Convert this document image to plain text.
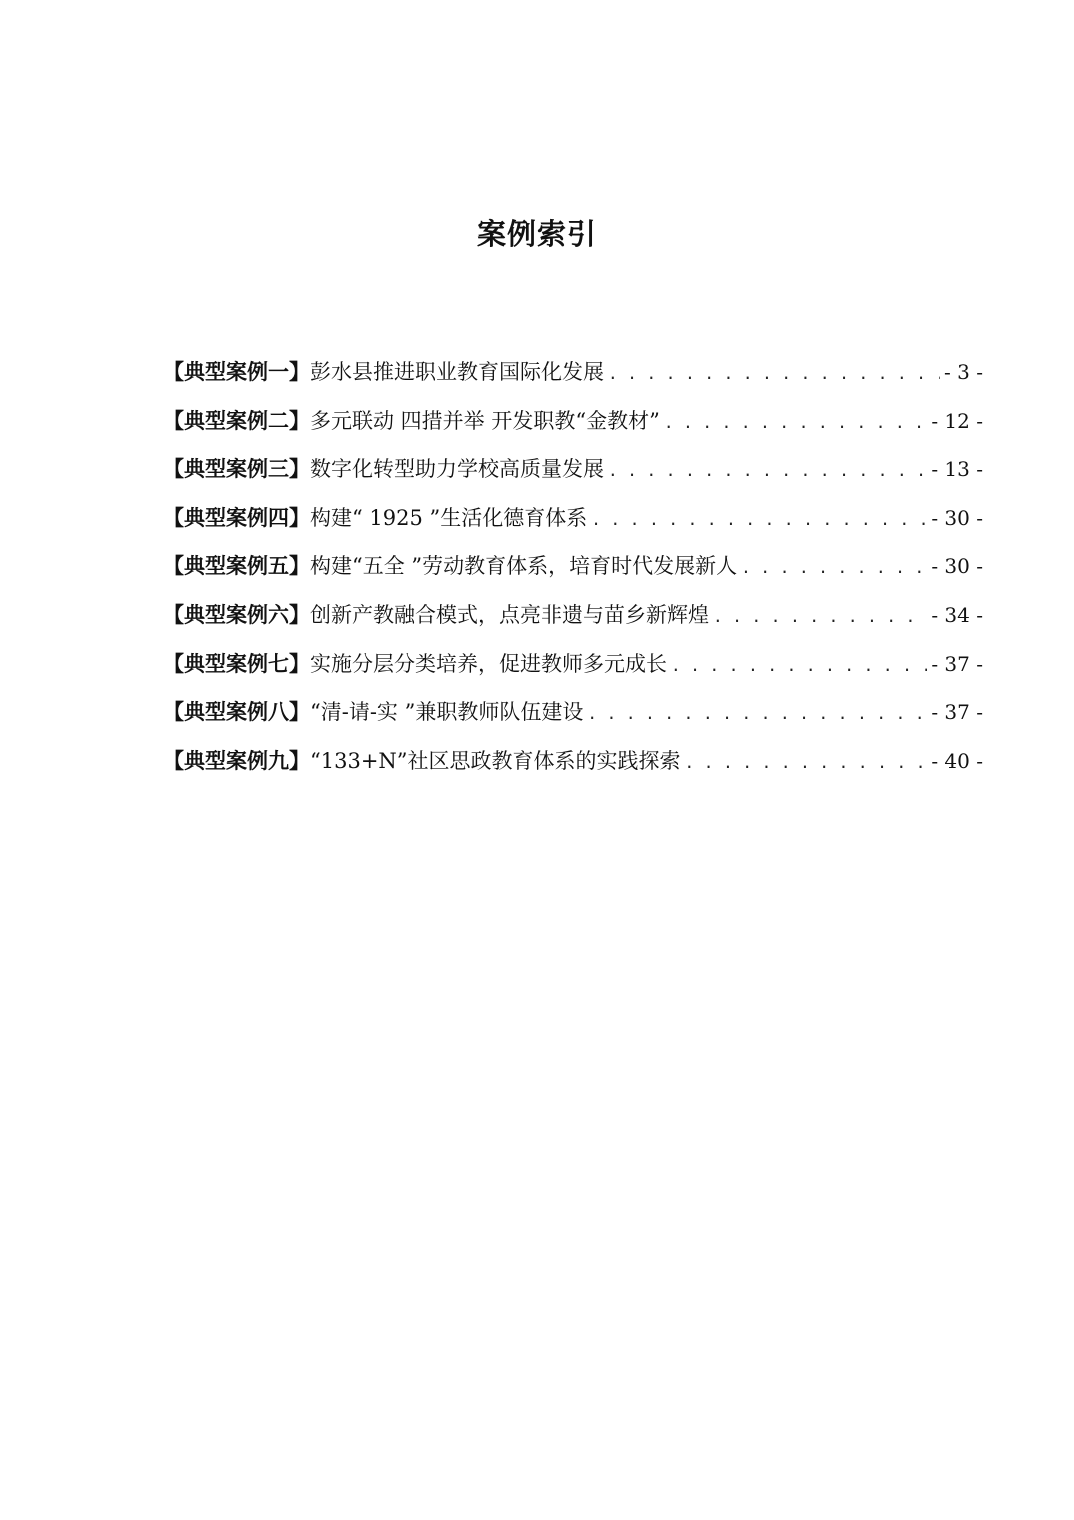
案例索引
【典型案例一】 彭水县推进职业教育国际化发展 . . .	- 3 -
【典型案例二】 多元联动 四措并举 开发职教“金教材” . . .	- 12 -
【典型案例三】 数字化转型助力学校高质量发展 . . .	- 13 -
【典型案例四】 构建“ 1925 ”生活化德育体系 . . .	- 30 -
【典型案例五】 构建“五全 ”劳动教育体系，培育时代发展新人 . . .	- 30 -
【典型案例六】 创新产教融合模式，点亮非遗与苗乡新辉煌 . . .	- 34 -
【典型案例七】 实施分层分类培养，促进教师多元成长 . . .	- 37 -
【典型案例八】 “清-请-实 ”兼职教师队伍建设 . . .	- 37 -
【典型案例九】 “133+N”社区思政教育体系的实践探索 . . .	- 40 -
